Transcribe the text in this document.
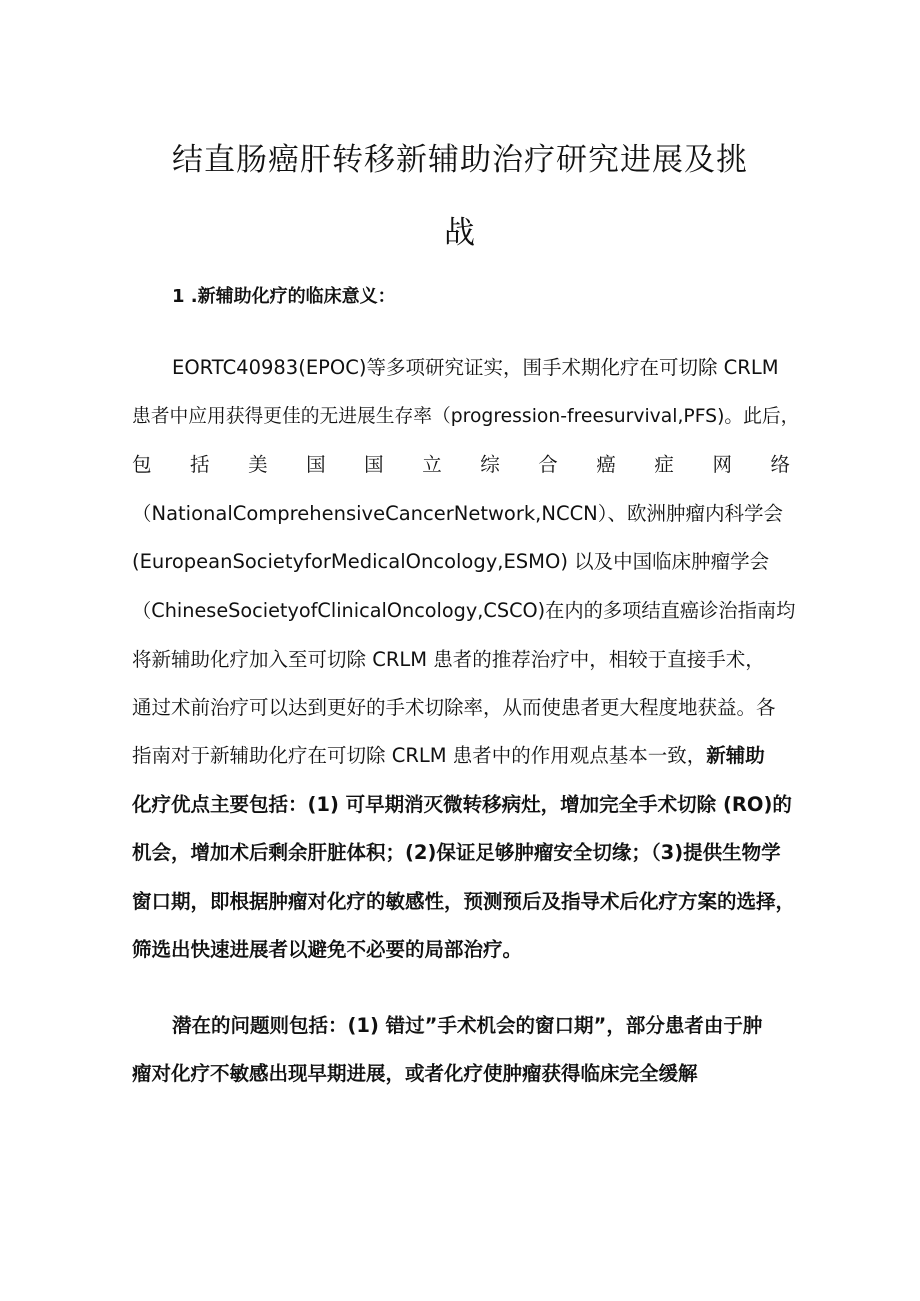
结直肠癌肝转移新辅助治疗研究进展及挑
战
1 .新辅助化疗的临床意义：
EORTC40983(EPOC)等多项研究证实，围手术期化疗在可切除 CRLM
患者中应用获得更佳的无进展生存率（progression-freesurvival,PFS)。此后，
包　括　美　国　国　立　综　合　癌　症　网　络
（NationalComprehensiveCancerNetwork,NCCN）、欧洲肿瘤内科学会
(EuropeanSocietyforMedicalOncology,ESMO) 以及中国临床肿瘤学会
（ChineseSocietyofClinicalOncology,CSCO)在内的多项结直癌诊治指南均
将新辅助化疗加入至可切除 CRLM 患者的推荐治疗中，相较于直接手术，
通过术前治疗可以达到更好的手术切除率，从而使患者更大程度地获益。各
指南对于新辅助化疗在可切除 CRLM 患者中的作用观点基本一致，新辅助
化疗优点主要包括：(1) 可早期消灭微转移病灶，增加完全手术切除 (RO)的
机会，增加术后剩余肝脏体积；(2)保证足够肿瘤安全切缘；（3)提供生物学
窗口期，即根据肿瘤对化疗的敏感性，预测预后及指导术后化疗方案的选择，
筛选出快速进展者以避免不必要的局部治疗。
潜在的问题则包括：(1) 错过”手术机会的窗口期”，部分患者由于肿
瘤对化疗不敏感出现早期进展，或者化疗使肿瘤获得临床完全缓解
